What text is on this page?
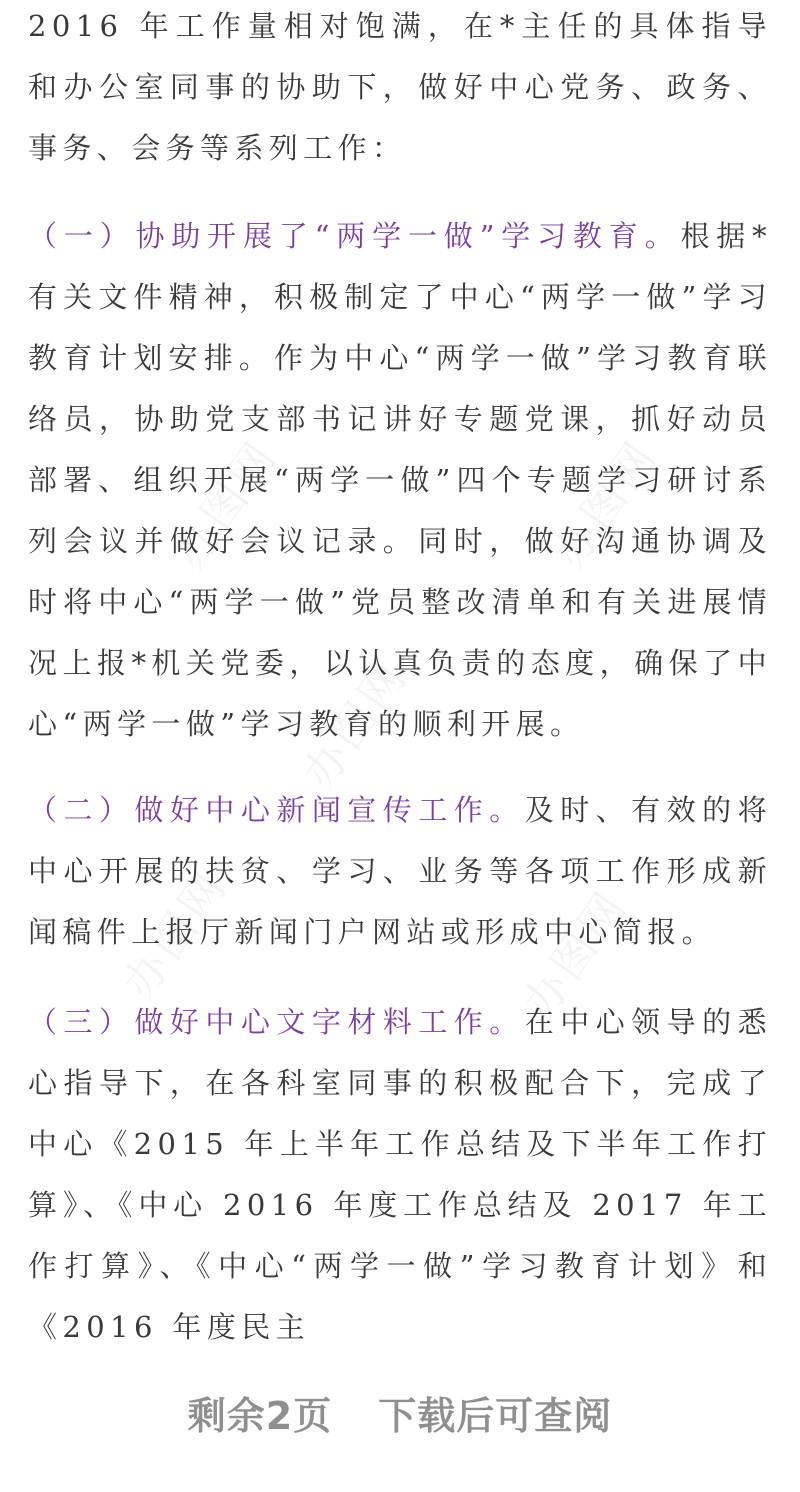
2016 年工作量相对饱满，在*主任的具体指导和办公室同事的协助下，做好中心党务、政务、事务、会务等系列工作：

（一）协助开展了“两学一做”学习教育。根据*有关文件精神，积极制定了中心“两学一做”学习教育计划安排。作为中心“两学一做”学习教育联络员，协助党支部书记讲好专题党课，抓好动员部署、组织开展“两学一做”四个专题学习研讨系列会议并做好会议记录。同时，做好沟通协调及时将中心“两学一做”党员整改清单和有关进展情况上报*机关党委，以认真负责的态度，确保了中心“两学一做”学习教育的顺利开展。

（二）做好中心新闻宣传工作。及时、有效的将中心开展的扶贫、学习、业务等各项工作形成新闻稿件上报厅新闻门户网站或形成中心简报。

（三）做好中心文字材料工作。在中心领导的悉心指导下，在各科室同事的积极配合下，完成了中心《2015 年上半年工作总结及下半年工作打算》、《中心 2016 年度工作总结及 2017 年工作打算》、《中心“两学一做”学习教育计划》和《2016 年度民主

剩余2页 下载后可查阅
